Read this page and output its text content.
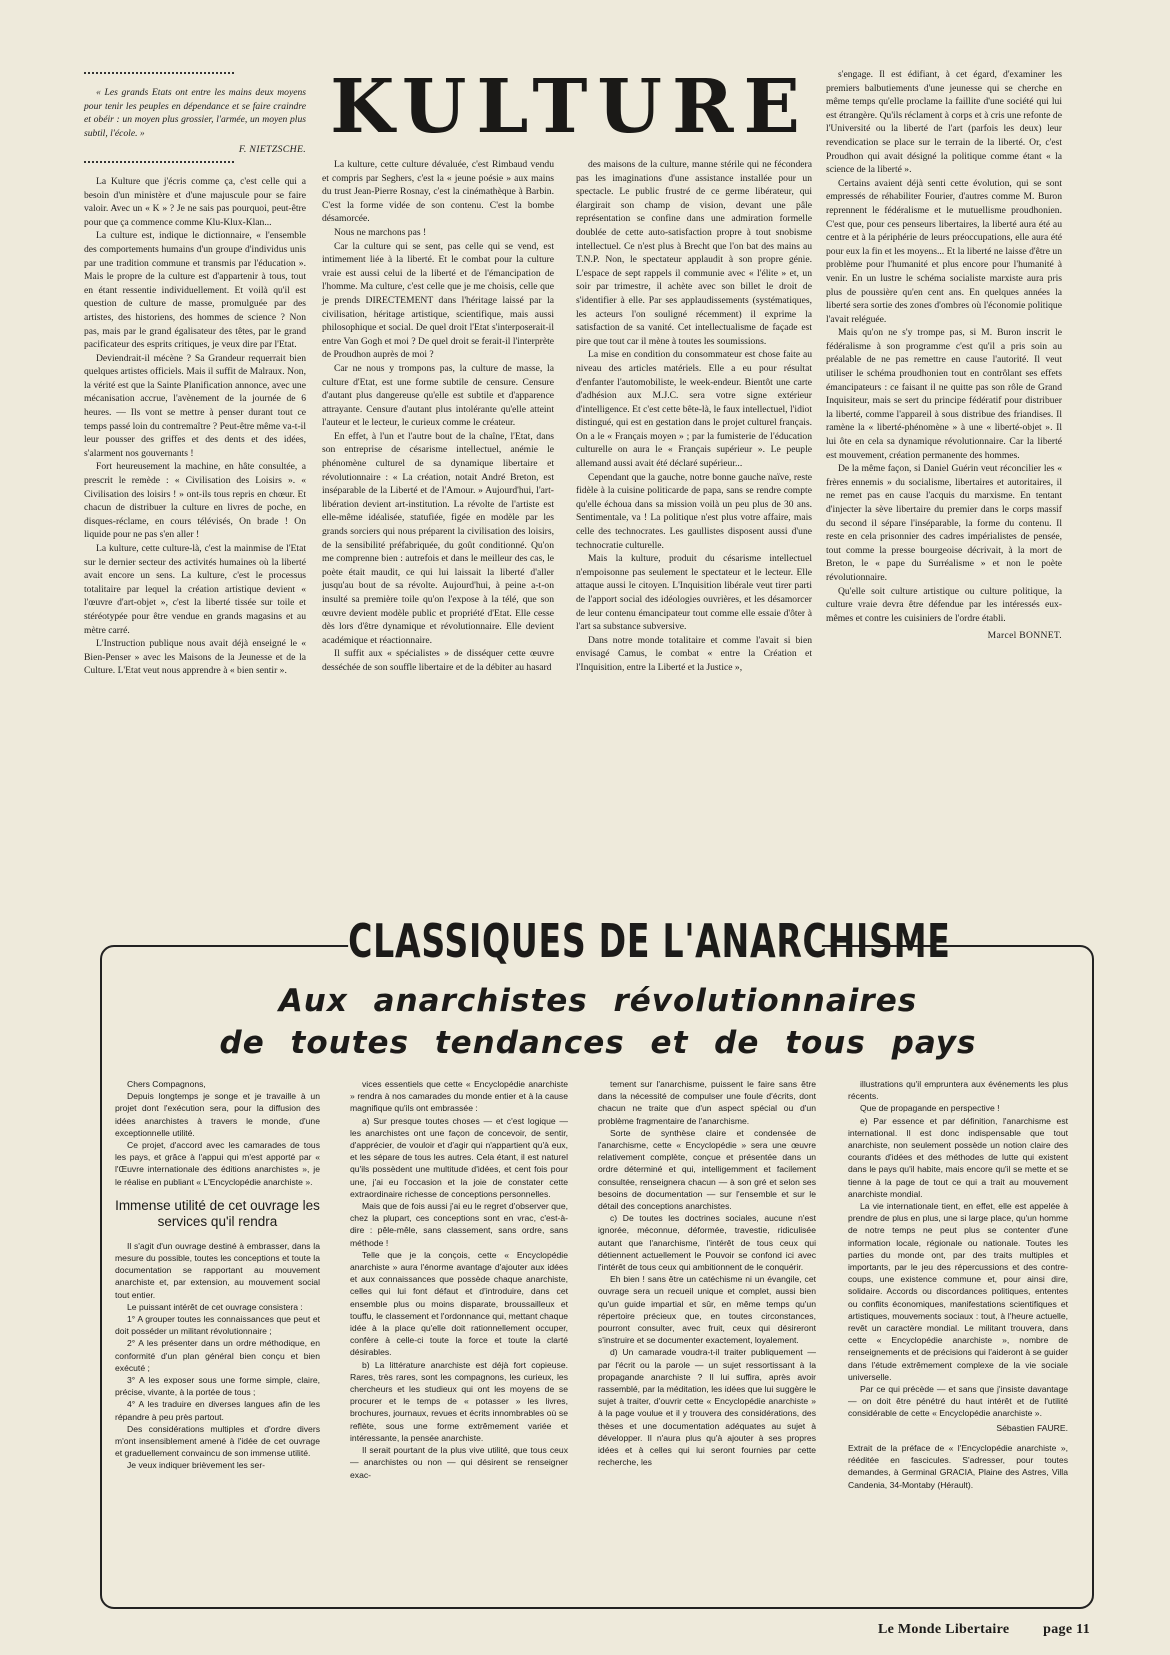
« Les grands Etats ont entre les mains deux moyens pour tenir les peuples en dépendance et se faire craindre et obéir : un moyen plus grossier, l'armée, un moyen plus subtil, l'école. »

F. NIETZSCHE.

La Kulture que j'écris comme ça, c'est celle qui a besoin d'un ministère et d'une majuscule pour se faire valoir. Avec un « K » ? Je ne sais pas pourquoi, peut-être pour que ça commence comme Klu-Klux-Klan...

La culture est, indique le dictionnaire, « l'ensemble des comportements humains d'un groupe d'individus unis par une tradition commune et transmis par l'éducation ». Mais le propre de la culture est d'appartenir à tous, tout en étant ressentie individuellement. Et voilà qu'il est question de culture de masse, promulguée par des artistes, des historiens, des hommes de science ? Non pas, mais par le grand égalisateur des têtes, par le grand pacificateur des esprits critiques, je veux dire par l'Etat.

Deviendrait-il mécène ? Sa Grandeur requerrait bien quelques artistes officiels. Mais il suffit de Malraux. Non, la vérité est que la Sainte Planification annonce, avec une mécanisation accrue, l'avènement de la journée de 6 heures. — Ils vont se mettre à penser durant tout ce temps passé loin du contremaître ? Peut-être même va-t-il leur pousser des griffes et des dents et des idées, s'alarment nos gouvernants !

Fort heureusement la machine, en hâte consultée, a prescrit le remède : « Civilisation des Loisirs ». « Civilisation des loisirs ! » ont-ils tous repris en chœur. Et chacun de distribuer la culture en livres de poche, en disques-réclame, en cours télévisés, On brade ! On liquide pour ne pas s'en aller !

La kulture, cette culture-là, c'est la mainmise de l'Etat sur le dernier secteur des activités humaines où la liberté avait encore un sens. La kulture, c'est le processus totalitaire par lequel la création artistique devient « l'œuvre d'art-objet », c'est la liberté tissée sur toile et stéréotypée pour être vendue en grands magasins et au mètre carré.

L'Instruction publique nous avait déjà enseigné le « Bien-Penser » avec les Maisons de la Jeunesse et de la Culture. L'Etat veut nous apprendre à « bien sentir ».

KULTURE

La kulture, cette culture dévaluée, c'est Rimbaud vendu et compris par Seghers, c'est la « jeune poésie » aux mains du trust Jean-Pierre Rosnay, c'est la cinémathèque à Barbin. C'est la forme vidée de son contenu. C'est la bombe désamorcée.

Nous ne marchons pas !

Car la culture qui se sent, pas celle qui se vend, est intimement liée à la liberté. Et le combat pour la culture vraie est aussi celui de la liberté et de l'émancipation de l'homme. Ma culture, c'est celle que je me choisis, celle que je prends DIRECTEMENT dans l'héritage laissé par la civilisation, héritage artistique, scientifique, mais aussi philosophique et social. De quel droit l'Etat s'interposerait-il entre Van Gogh et moi ? De quel droit se ferait-il l'interprète de Proudhon auprès de moi ?

Car ne nous y trompons pas, la culture de masse, la culture d'Etat, est une forme subtile de censure. Censure d'autant plus dangereuse qu'elle est subtile et d'apparence attrayante. Censure d'autant plus intolérante qu'elle atteint l'auteur et le lecteur, le curieux comme le créateur.

En effet, à l'un et l'autre bout de la chaîne, l'Etat, dans son entreprise de césarisme intellectuel, anémie le phénomène culturel de sa dynamique libertaire et révolutionnaire : « La création, notait André Breton, est inséparable de la Liberté et de l'Amour. » Aujourd'hui, l'art-libération devient art-institution. La révolte de l'artiste est elle-même idéalisée, statufiée, figée en modèle par les grands sorciers qui nous préparent la civilisation des loisirs, de la sensibilité préfabriquée, du goût conditionné. Qu'on me comprenne bien : autrefois et dans le meilleur des cas, le poète était maudit, ce qui lui laissait la liberté d'aller jusqu'au bout de sa révolte. Aujourd'hui, à peine a-t-on insulté sa première toile qu'on l'expose à la télé, que son œuvre devient modèle public et propriété d'Etat. Elle cesse dès lors d'être dynamique et révolutionnaire. Elle devient académique et réactionnaire.

Il suffit aux « spécialistes » de disséquer cette œuvre desséchée de son souffle libertaire et de la débiter au hasard

des maisons de la culture, manne stérile qui ne fécondera pas les imaginations d'une assistance installée pour un spectacle. Le public frustré de ce germe libérateur, qui élargirait son champ de vision, devant une pâle représentation se confine dans une admiration formelle doublée de cette auto-satisfaction propre à tout snobisme intellectuel. Ce n'est plus à Brecht que l'on bat des mains au T.N.P. Non, le spectateur applaudit à son propre génie. L'espace de sept rappels il communie avec « l'élite » et, un soir par trimestre, il achète avec son billet le droit de s'identifier à elle. Par ses applaudissements (systématiques, les acteurs l'on souligné récemment) il exprime la satisfaction de sa vanité. Cet intellectualisme de façade est pire que tout car il mène à toutes les soumissions.

La mise en condition du consommateur est chose faite au niveau des articles matériels. Elle a eu pour résultat d'enfanter l'automobiliste, le week-endeur. Bientôt une carte d'adhésion aux M.J.C. sera votre signe extérieur d'intelligence. Et c'est cette bête-là, le faux intellectuel, l'idiot distingué, qui est en gestation dans le projet culturel français. On a le « Français moyen » ; par la fumisterie de l'éducation culturelle on aura le « Français supérieur ». Le peuple allemand aussi avait été déclaré supérieur...

Cependant que la gauche, notre bonne gauche naïve, reste fidèle à la cuisine politicarde de papa, sans se rendre compte qu'elle échoua dans sa mission voilà un peu plus de 30 ans. Sentimentale, va ! La politique n'est plus votre affaire, mais celle des technocrates. Les gaullistes disposent aussi d'une technocratie culturelle.

Mais la kulture, produit du césarisme intellectuel n'empoisonne pas seulement le spectateur et le lecteur. Elle attaque aussi le citoyen. L'Inquisition libérale veut tirer parti de l'apport social des idéologies ouvrières, et les désamorcer de leur contenu émancipateur tout comme elle essaie d'ôter à l'art sa substance subversive.

Dans notre monde totalitaire et comme l'avait si bien envisagé Camus, le combat « entre la Création et l'Inquisition, entre la Liberté et la Justice »,

s'engage. Il est édifiant, à cet égard, d'examiner les premiers balbutiements d'une jeunesse qui se cherche en même temps qu'elle proclame la faillite d'une société qui lui est étrangère. Qu'ils réclament à corps et à cris une refonte de l'Université ou la liberté de l'art (parfois les deux) leur revendication se place sur le terrain de la liberté. Or, c'est Proudhon qui avait désigné la politique comme étant « la science de la liberté ».

Certains avaient déjà senti cette évolution, qui se sont empressés de réhabiliter Fourier, d'autres comme M. Buron reprennent le fédéralisme et le mutuellisme proudhonien. C'est que, pour ces penseurs libertaires, la liberté aura été au centre et à la périphérie de leurs préoccupations, elle aura été pour eux la fin et les moyens... Et la liberté ne laisse d'être un problème pour l'humanité et plus encore pour l'humanité à venir. En un lustre le schéma socialiste marxiste aura pris plus de poussière qu'en cent ans. En quelques années la liberté sera sortie des zones d'ombres où l'économie politique l'avait reléguée.

Mais qu'on ne s'y trompe pas, si M. Buron inscrit le fédéralisme à son programme c'est qu'il a pris soin au préalable de ne pas remettre en cause l'autorité. Il veut utiliser le schéma proudhonien tout en contrôlant ses effets émancipateurs : ce faisant il ne quitte pas son rôle de Grand Inquisiteur, mais se sert du principe fédératif pour distribuer la liberté, comme l'appareil à sous distribue des friandises. Il ramène la « liberté-phénomène » à une « liberté-objet ». Il lui ôte en cela sa dynamique révolutionnaire. Car la liberté est mouvement, création permanente des hommes.

De la même façon, si Daniel Guérin veut réconcilier les « frères ennemis » du socialisme, libertaires et autoritaires, il ne remet pas en cause l'acquis du marxisme. En tentant d'injecter la sève libertaire du premier dans le corps massif du second il sépare l'inséparable, la forme du contenu. Il reste en cela prisonnier des cadres impérialistes de pensée, tout comme la presse bourgeoise décrivait, à la mort de Breton, le « pape du Surréalisme » et non le poète révolutionnaire.

Qu'elle soit culture artistique ou culture politique, la culture vraie devra être défendue par les intéressés eux-mêmes et contre les cuisiniers de l'ordre établi.

Marcel BONNET.

CLASSIQUES DE L'ANARCHISME
Aux anarchistes révolutionnaires
de toutes tendances et de tous pays

Chers Compagnons,

Depuis longtemps je songe et je travaille à un projet dont l'exécution sera, pour la diffusion des idées anarchistes à travers le monde, d'une exceptionnelle utilité.

Ce projet, d'accord avec les camarades de tous les pays, et grâce à l'appui qui m'est apporté par « l'Œuvre internationale des éditions anarchistes », je le réalise en publiant « L'Encyclopédie anarchiste ».

Immense utilité de cet ouvrage les services qu'il rendra

Il s'agit d'un ouvrage destiné à embrasser, dans la mesure du possible, toutes les conceptions et toute la documentation se rapportant au mouvement anarchiste et, par extension, au mouvement social tout entier.

Le puissant intérêt de cet ouvrage consistera :

1° A grouper toutes les connaissances que peut et doit posséder un militant révolutionnaire ;

2° A les présenter dans un ordre méthodique, en conformité d'un plan général bien conçu et bien exécuté ;

3° A les exposer sous une forme simple, claire, précise, vivante, à la portée de tous ;

4° A les traduire en diverses langues afin de les répandre à peu près partout.

Des considérations multiples et d'ordre divers m'ont insensiblement amené à l'idée de cet ouvrage et graduellement convaincu de son immense utilité.

Je veux indiquer brièvement les ser-

vices essentiels que cette « Encyclopédie anarchiste » rendra à nos camarades du monde entier et à la cause magnifique qu'ils ont embrassée :

a) Sur presque toutes choses — et c'est logique — les anarchistes ont une façon de concevoir, de sentir, d'apprécier, de vouloir et d'agir qui n'appartient qu'à eux, et les sépare de tous les autres. Cela étant, il est naturel qu'ils possèdent une multitude d'idées, et cent fois pour une, j'ai eu l'occasion et la joie de constater cette extraordinaire richesse de conceptions personnelles.

Mais que de fois aussi j'ai eu le regret d'observer que, chez la plupart, ces conceptions sont en vrac, c'est-à-dire : pêle-mêle, sans classement, sans ordre, sans méthode !

Telle que je la conçois, cette « Encyclopédie anarchiste » aura l'énorme avantage d'ajouter aux idées et aux connaissances que possède chaque anarchiste, celles qui lui font défaut et d'introduire, dans cet ensemble plus ou moins disparate, broussailleux et touffu, le classement et l'ordonnance qui, mettant chaque idée à la place qu'elle doit rationnellement occuper, confère à celle-ci toute la force et toute la clarté désirables.

b) La littérature anarchiste est déjà fort copieuse. Rares, très rares, sont les compagnons, les curieux, les chercheurs et les studieux qui ont les moyens de se procurer et le temps de « potasser » les livres, brochures, journaux, revues et écrits innombrables où se reflète, sous une forme extrêmement variée et intéressante, la pensée anarchiste.

Il serait pourtant de la plus vive utilité, que tous ceux — anarchistes ou non — qui désirent se renseigner exac-

tement sur l'anarchisme, puissent le faire sans être dans la nécessité de compulser une foule d'écrits, dont chacun ne traite que d'un aspect spécial ou d'un problème fragmentaire de l'anarchisme.

Sorte de synthèse claire et condensée de l'anarchisme, cette « Encyclopédie » sera une œuvre relativement complète, conçue et présentée dans un ordre déterminé et qui, intelligemment et facilement consultée, renseignera chacun — à son gré et selon ses besoins de documentation — sur l'ensemble et sur le détail des conceptions anarchistes.

c) De toutes les doctrines sociales, aucune n'est ignorée, méconnue, déformée, travestie, ridiculisée autant que l'anarchisme, l'intérêt de tous ceux qui détiennent actuellement le Pouvoir se confond ici avec l'intérêt de tous ceux qui ambitionnent de le conquérir.

Eh bien ! sans être un catéchisme ni un évangile, cet ouvrage sera un recueil unique et complet, aussi bien qu'un guide impartial et sûr, en même temps qu'un répertoire précieux que, en toutes circonstances, pourront consulter, avec fruit, ceux qui désireront s'instruire et se documenter exactement, loyalement.

d) Un camarade voudra-t-il traiter publiquement — par l'écrit ou la parole — un sujet ressortissant à la propagande anarchiste ? Il lui suffira, après avoir rassemblé, par la méditation, les idées que lui suggère le sujet à traiter, d'ouvrir cette « Encyclopédie anarchiste » à la page voulue et il y trouvera des considérations, des thèses et une documentation adéquates au sujet à développer. Il n'aura plus qu'à ajouter à ses propres idées et à celles qui lui seront fournies par cette recherche, les

illustrations qu'il empruntera aux événements les plus récents.

Que de propagande en perspective !

e) Par essence et par définition, l'anarchisme est international. Il est donc indispensable que tout anarchiste, non seulement possède un notion claire des courants d'idées et des méthodes de lutte qui existent dans le pays qu'il habite, mais encore qu'il se mette et se tienne à la page de tout ce qui a trait au mouvement anarchiste mondial.

La vie internationale tient, en effet, elle est appelée à prendre de plus en plus, une si large place, qu'un homme de notre temps ne peut plus se contenter d'une information locale, régionale ou nationale. Toutes les parties du monde ont, par des traits multiples et importants, par le jeu des répercussions et des contre-coups, une existence commune et, pour ainsi dire, solidaire. Accords ou discordances politiques, ententes ou conflits économiques, manifestations scientifiques et artistiques, mouvements sociaux : tout, à l'heure actuelle, revêt un caractère mondial. Le militant trouvera, dans cette « Encyclopédie anarchiste », nombre de renseignements et de précisions qui l'aideront à se guider dans l'étude extrêmement complexe de la vie sociale universelle.

Par ce qui précède — et sans que j'insiste davantage — on doit être pénétré du haut intérêt et de l'utilité considérable de cette « Encyclopédie anarchiste ».

Sébastien FAURE.

Extrait de la préface de « l'Encyclopédie anarchiste », rééditée en fascicules. S'adresser, pour toutes demandes, à Germinal GRACIA, Plaine des Astres, Villa Candenia, 34-Montaby (Hérault).

Le Monde Libertaire page 11
